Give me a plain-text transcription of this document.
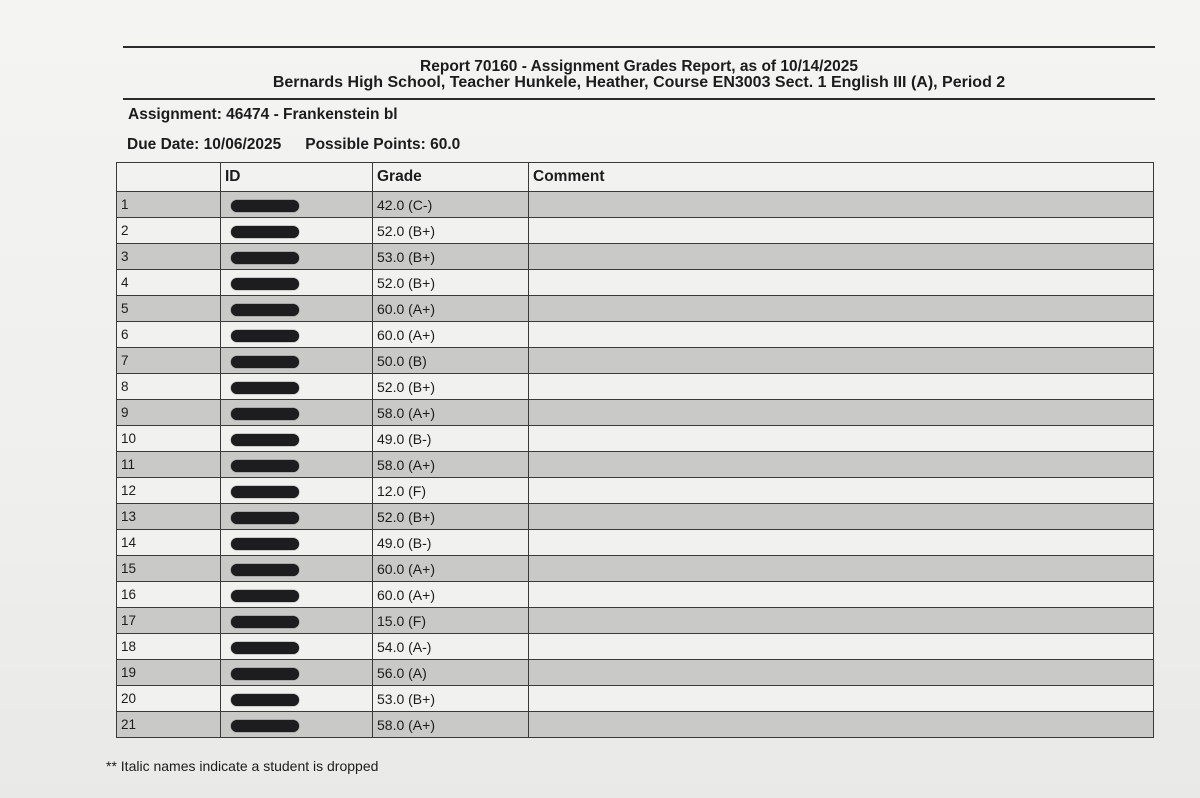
Report 70160 - Assignment Grades Report, as of 10/14/2025
Bernards High School, Teacher Hunkele, Heather, Course EN3003 Sect. 1 English III (A), Period 2
Assignment: 46474 - Frankenstein bl
Due Date: 10/06/2025 Possible Points: 60.0
	ID	Grade	Comment
1		42.0 (C-)	
2		52.0 (B+)	
3		53.0 (B+)	
4		52.0 (B+)	
5		60.0 (A+)	
6		60.0 (A+)	
7		50.0 (B)	
8		52.0 (B+)	
9		58.0 (A+)	
10		49.0 (B-)	
11		58.0 (A+)	
12		12.0 (F)	
13		52.0 (B+)	
14		49.0 (B-)	
15		60.0 (A+)	
16		60.0 (A+)	
17		15.0 (F)	
18		54.0 (A-)	
19		56.0 (A)	
20		53.0 (B+)	
21		58.0 (A+)	
** Italic names indicate a student is dropped
